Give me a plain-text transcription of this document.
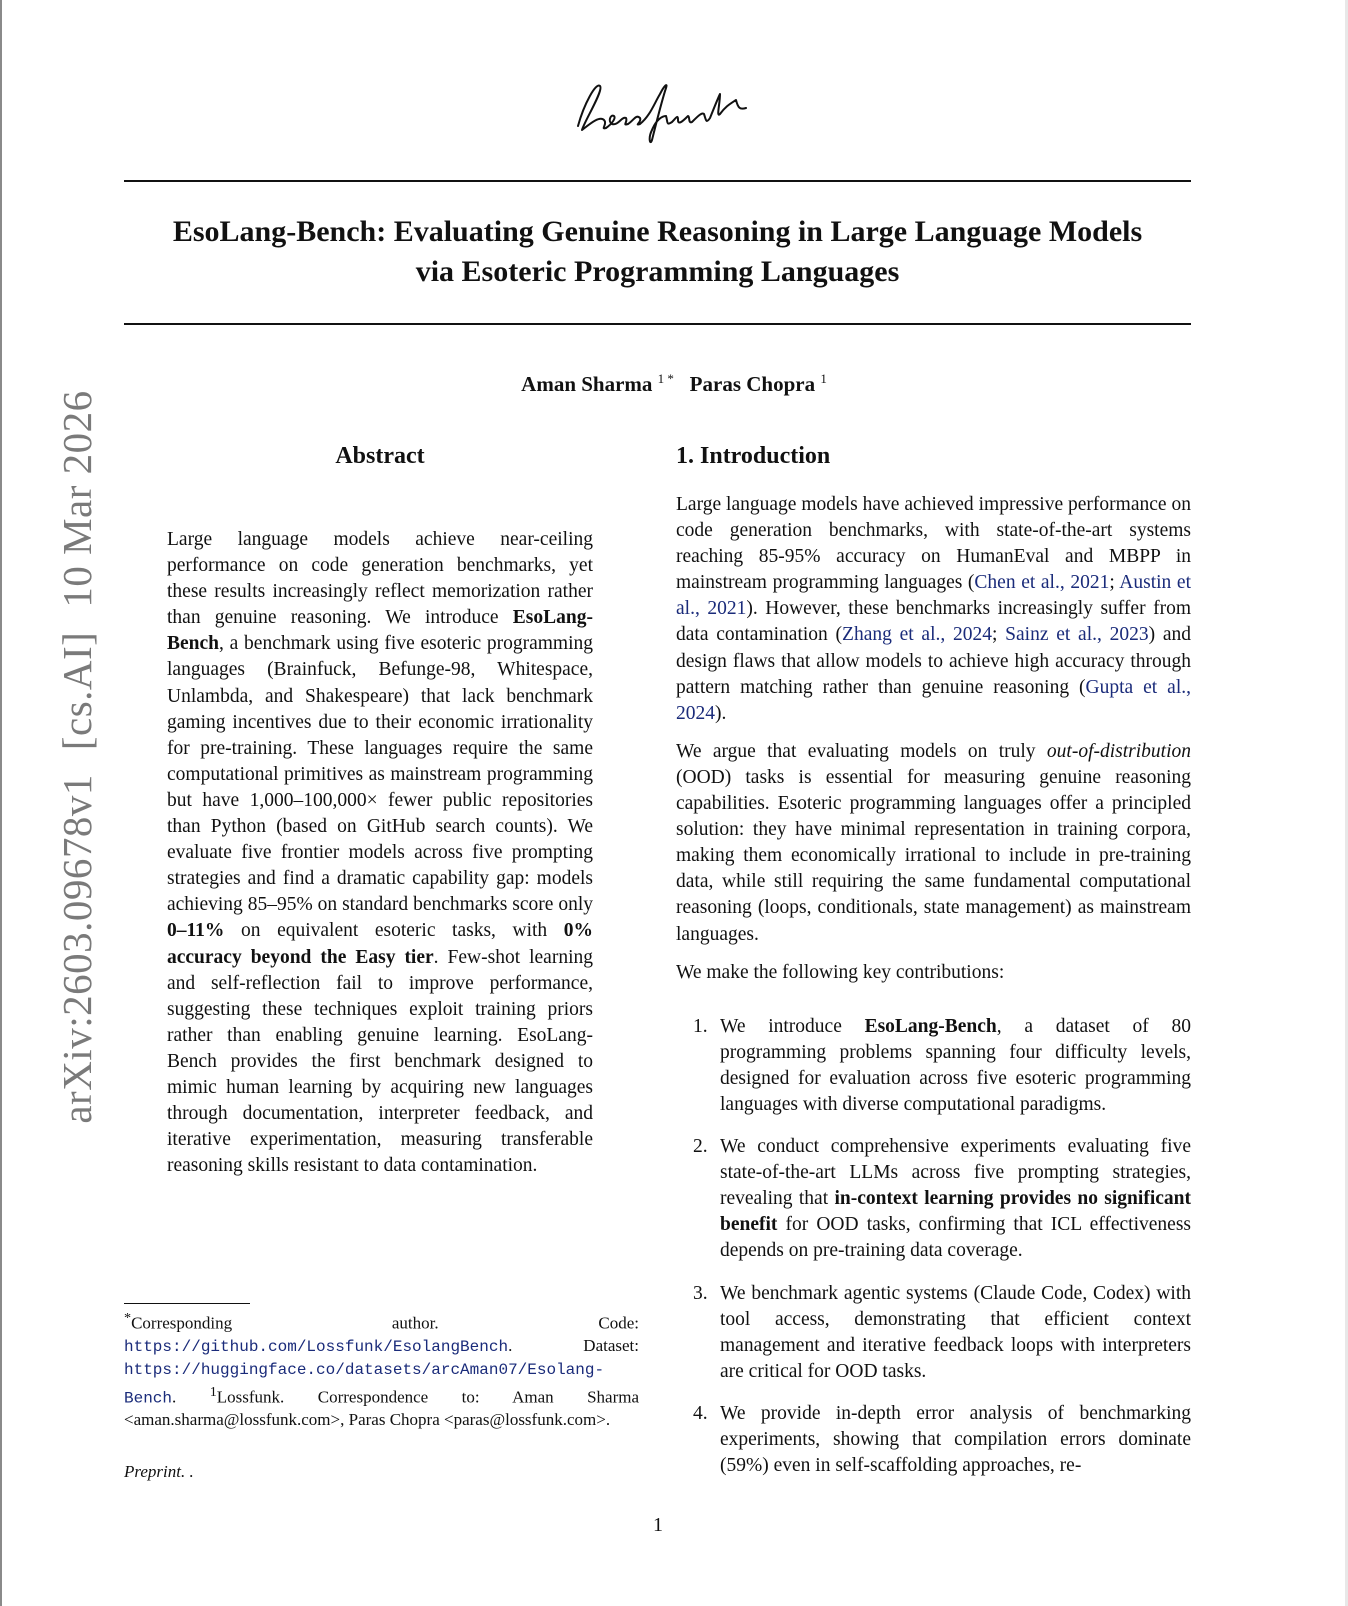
EsoLang-Bench: Evaluating Genuine Reasoning in Large Language Models
via Esoteric Programming Languages
Aman Sharma $^{1 *}$ Paras Chopra $^1$
arXiv:2603.09678v1[cs.AI]10 Mar 2026	Abstract
Large language models achieve near-ceiling performance on code generation benchmarks, yet these results increasingly reflect memorization rather than genuine reasoning. We introduce EsoLang-Bench, a benchmark using five esoteric programming languages (Brainfuck, Befunge-98, Whitespace, Unlambda, and Shakespeare) that lack benchmark gaming incentives due to their economic irrationality for pre-training. These languages require the same computational primitives as mainstream programming but have 1,000–100,000× fewer public repositories than Python (based on GitHub search counts). We evaluate five frontier models across five prompting strategies and find a dramatic capability gap: models achieving 85–95% on standard benchmarks score only 0–11% on equivalent esoteric tasks, with 0% accuracy beyond the Easy tier. Few-shot learning and self-reflection fail to improve performance, suggesting these techniques exploit training priors rather than enabling genuine learning. EsoLang-Bench provides the first benchmark designed to mimic human learning by acquiring new languages through documentation, interpreter feedback, and iterative experimentation, measuring transferable reasoning skills resistant to data contamination.
*Corresponding author. Code: https://github.com/Lossfunk/EsolangBench. Dataset: https://huggingface.co/datasets/arcAman07/Esolang-Bench. $^1$Lossfunk. Correspondence to: Aman Sharma <aman.sharma@lossfunk.com>, Paras Chopra <paras@lossfunk.com>.
Preprint. .
1. Introduction

Large language models have achieved impressive performance on code generation benchmarks, with state-of-the-art systems reaching 85-95% accuracy on HumanEval and MBPP in mainstream programming languages (Chen et al., 2021; Austin et al., 2021). However, these benchmarks increasingly suffer from data contamination (Zhang et al., 2024; Sainz et al., 2023) and design flaws that allow models to achieve high accuracy through pattern matching rather than genuine reasoning (Gupta et al., 2024).

We argue that evaluating models on truly out-of-distribution (OOD) tasks is essential for measuring genuine reasoning capabilities. Esoteric programming languages offer a principled solution: they have minimal representation in training corpora, making them economically irrational to include in pre-training data, while still requiring the same fundamental computational reasoning (loops, conditionals, state management) as mainstream languages.

We make the following key contributions:

1. We introduce EsoLang-Bench, a dataset of 80 programming problems spanning four difficulty levels, designed for evaluation across five esoteric programming languages with diverse computational paradigms.
2. We conduct comprehensive experiments evaluating five state-of-the-art LLMs across five prompting strategies, revealing that in-context learning provides no significant benefit for OOD tasks, confirming that ICL effectiveness depends on pre-training data coverage.
3. We benchmark agentic systems (Claude Code, Codex) with tool access, demonstrating that efficient context management and iterative feedback loops with interpreters are critical for OOD tasks.
4. We provide in-depth error analysis of benchmarking experiments, showing that compilation errors dominate (59%) even in self-scaffolding approaches, re-
1
